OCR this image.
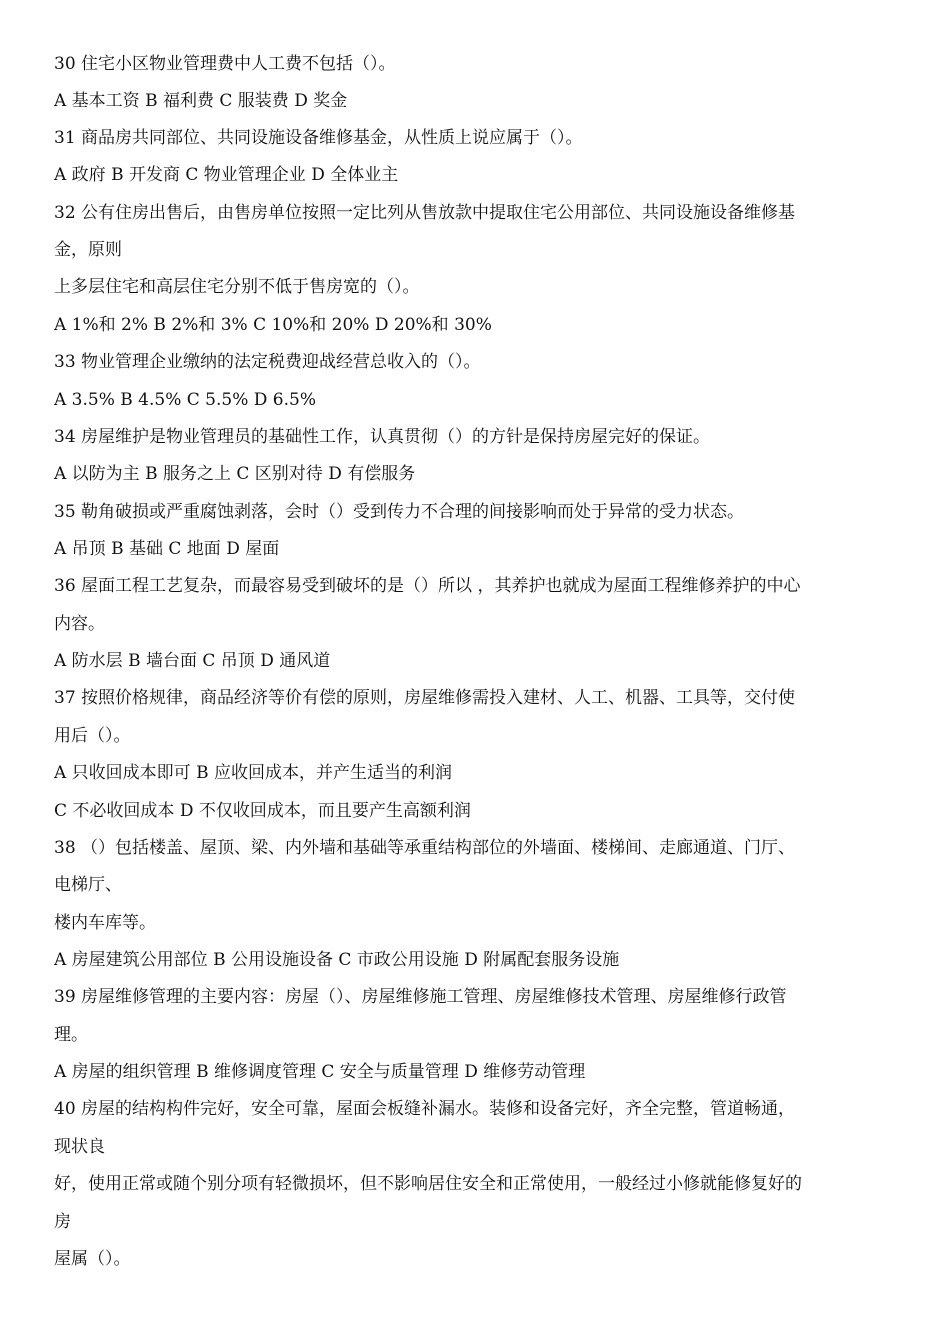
30 住宅小区物业管理费中人工费不包括（）。
A 基本工资 B 福利费 C 服装费 D 奖金
31 商品房共同部位、共同设施设备维修基金，从性质上说应属于（）。
A 政府 B 开发商 C 物业管理企业 D 全体业主
32 公有住房出售后，由售房单位按照一定比列从售放款中提取住宅公用部位、共同设施设备维修基
金，原则
上多层住宅和高层住宅分别不低于售房宽的（）。
A 1%和 2% B 2%和 3% C 10%和 20% D 20%和 30%
33 物业管理企业缴纳的法定税费迎战经营总收入的（）。
A 3.5% B 4.5% C 5.5% D 6.5%
34 房屋维护是物业管理员的基础性工作，认真贯彻（）的方针是保持房屋完好的保证。
A 以防为主 B 服务之上 C 区别对待 D 有偿服务
35 勒角破损或严重腐蚀剥落，会时（）受到传力不合理的间接影响而处于异常的受力状态。
A 吊顶 B 基础 C 地面 D 屋面
36 屋面工程工艺复杂，而最容易受到破坏的是（）所以 ，其养护也就成为屋面工程维修养护的中心
内容。
A 防水层 B 墙台面 C 吊顶 D 通风道
37 按照价格规律，商品经济等价有偿的原则，房屋维修需投入建材、人工、机器、工具等，交付使
用后（）。
A 只收回成本即可 B 应收回成本，并产生适当的利润
C 不必收回成本 D 不仅收回成本，而且要产生高额利润
38 （）包括楼盖、屋顶、梁、内外墙和基础等承重结构部位的外墙面、楼梯间、走廊通道、门厅、
电梯厅、
楼内车库等。
A 房屋建筑公用部位 B 公用设施设备 C 市政公用设施 D 附属配套服务设施
39 房屋维修管理的主要内容：房屋（）、房屋维修施工管理、房屋维修技术管理、房屋维修行政管
理。
A 房屋的组织管理 B 维修调度管理 C 安全与质量管理 D 维修劳动管理
40 房屋的结构构件完好，安全可靠，屋面会板缝补漏水。装修和设备完好，齐全完整，管道畅通，
现状良
好，使用正常或随个别分项有轻微损坏，但不影响居住安全和正常使用，一般经过小修就能修复好的
房
屋属（）。
